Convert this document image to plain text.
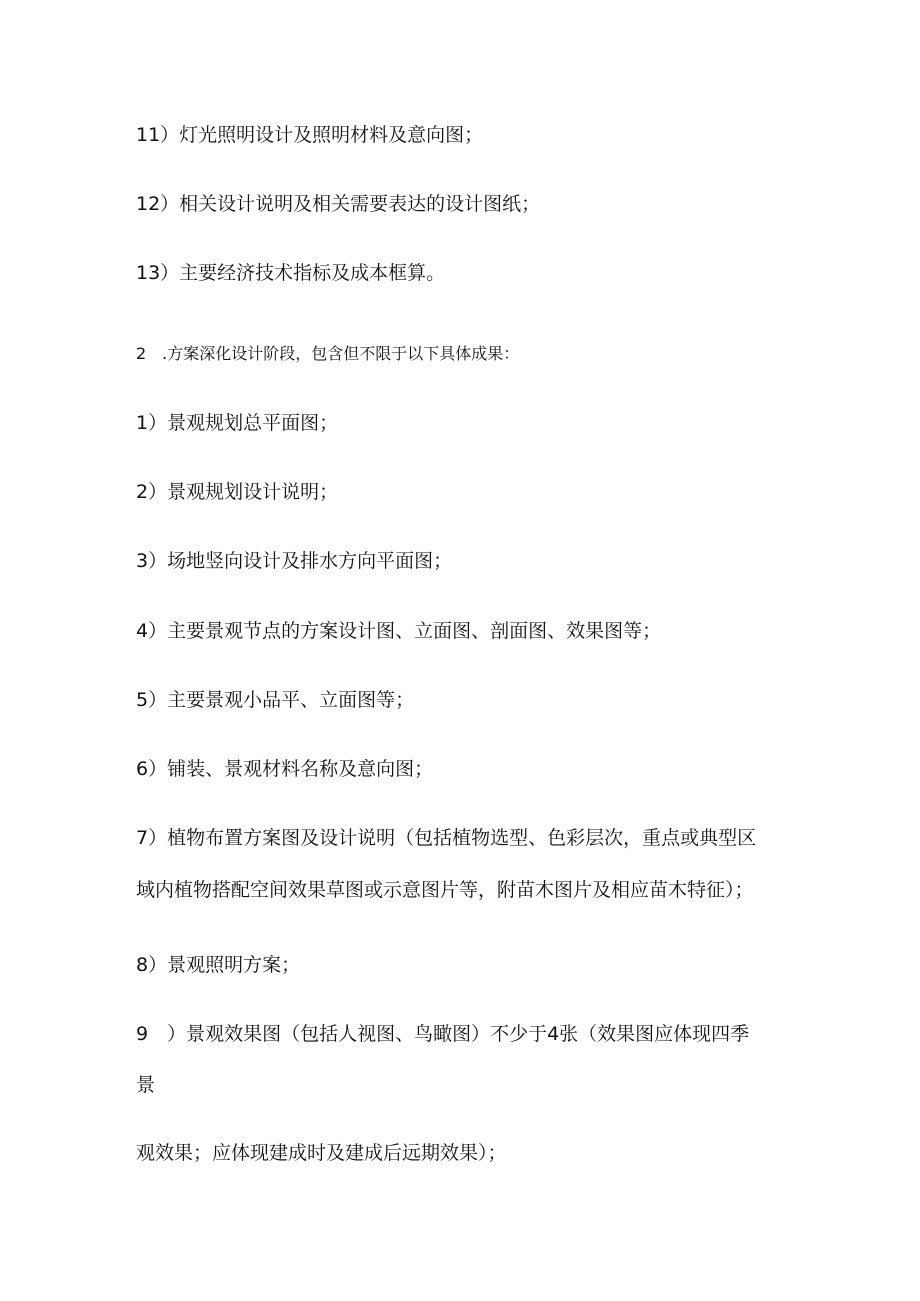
11）灯光照明设计及照明材料及意向图；

12）相关设计说明及相关需要表达的设计图纸；

13）主要经济技术指标及成本框算。

2　.方案深化设计阶段，包含但不限于以下具体成果：

1）景观规划总平面图；

2）景观规划设计说明；

3）场地竖向设计及排水方向平面图；

4）主要景观节点的方案设计图、立面图、剖面图、效果图等；

5）主要景观小品平、立面图等；

6）铺装、景观材料名称及意向图；

7）植物布置方案图及设计说明（包括植物选型、色彩层次，重点或典型区

域内植物搭配空间效果草图或示意图片等，附苗木图片及相应苗木特征）；

8）景观照明方案；

9　）景观效果图（包括人视图、鸟瞰图）不少于4张（效果图应体现四季

景

观效果；应体现建成时及建成后远期效果）；
